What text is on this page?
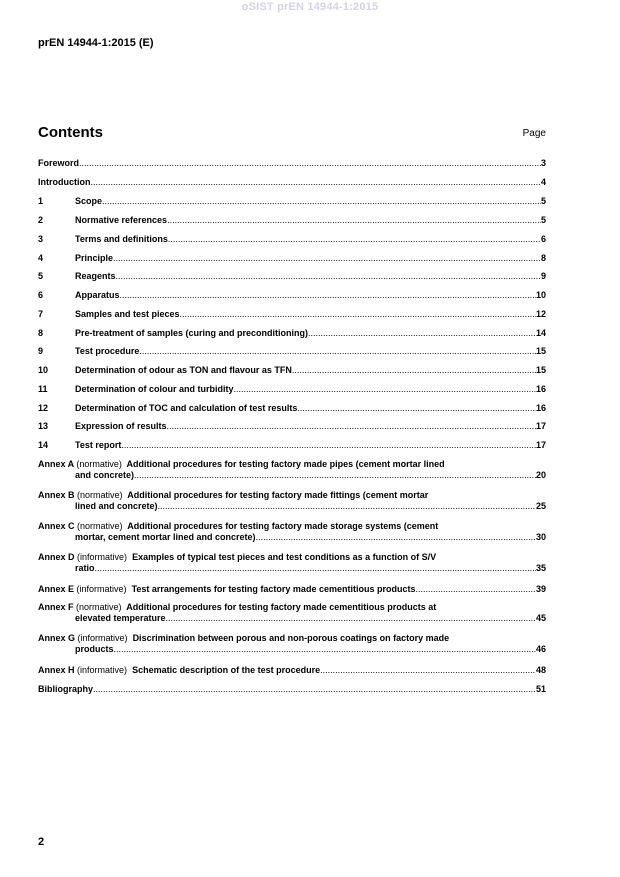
oSIST prEN 14944-1:2015
prEN 14944-1:2015 (E)
Contents	Page
Foreword .....	3
Introduction .....	4
1	Scope .....	5
2	Normative references .....	5
3	Terms and definitions .....	6
4	Principle .....	8
5	Reagents .....	9
6	Apparatus .....	10
7	Samples and test pieces .....	12
8	Pre-treatment of samples (curing and preconditioning) .....	14
9	Test procedure .....	15
10	Determination of odour as TON and flavour as TFN .....	15
11	Determination of colour and turbidity .....	16
12	Determination of TOC and calculation of test results .....	16
13	Expression of results .....	17
14	Test report .....	17
Annex A (normative) Additional procedures for testing factory made pipes (cement mortar lined
and concrete) .....	20
Annex B (normative) Additional procedures for testing factory made fittings (cement mortar
lined and concrete) .....	25
Annex C (normative) Additional procedures for testing factory made storage systems (cement
mortar, cement mortar lined and concrete) .....	30
Annex D (informative) Examples of typical test pieces and test conditions as a function of S/V
ratio .....	35
Annex E (informative) Test arrangements for testing factory made cementitious products .....	39
Annex F (normative) Additional procedures for testing factory made cementitious products at
elevated temperature .....	45
Annex G (informative) Discrimination between porous and non-porous coatings on factory made
products .....	46
Annex H (informative) Schematic description of the test procedure .....	48
Bibliography .....	51
2
